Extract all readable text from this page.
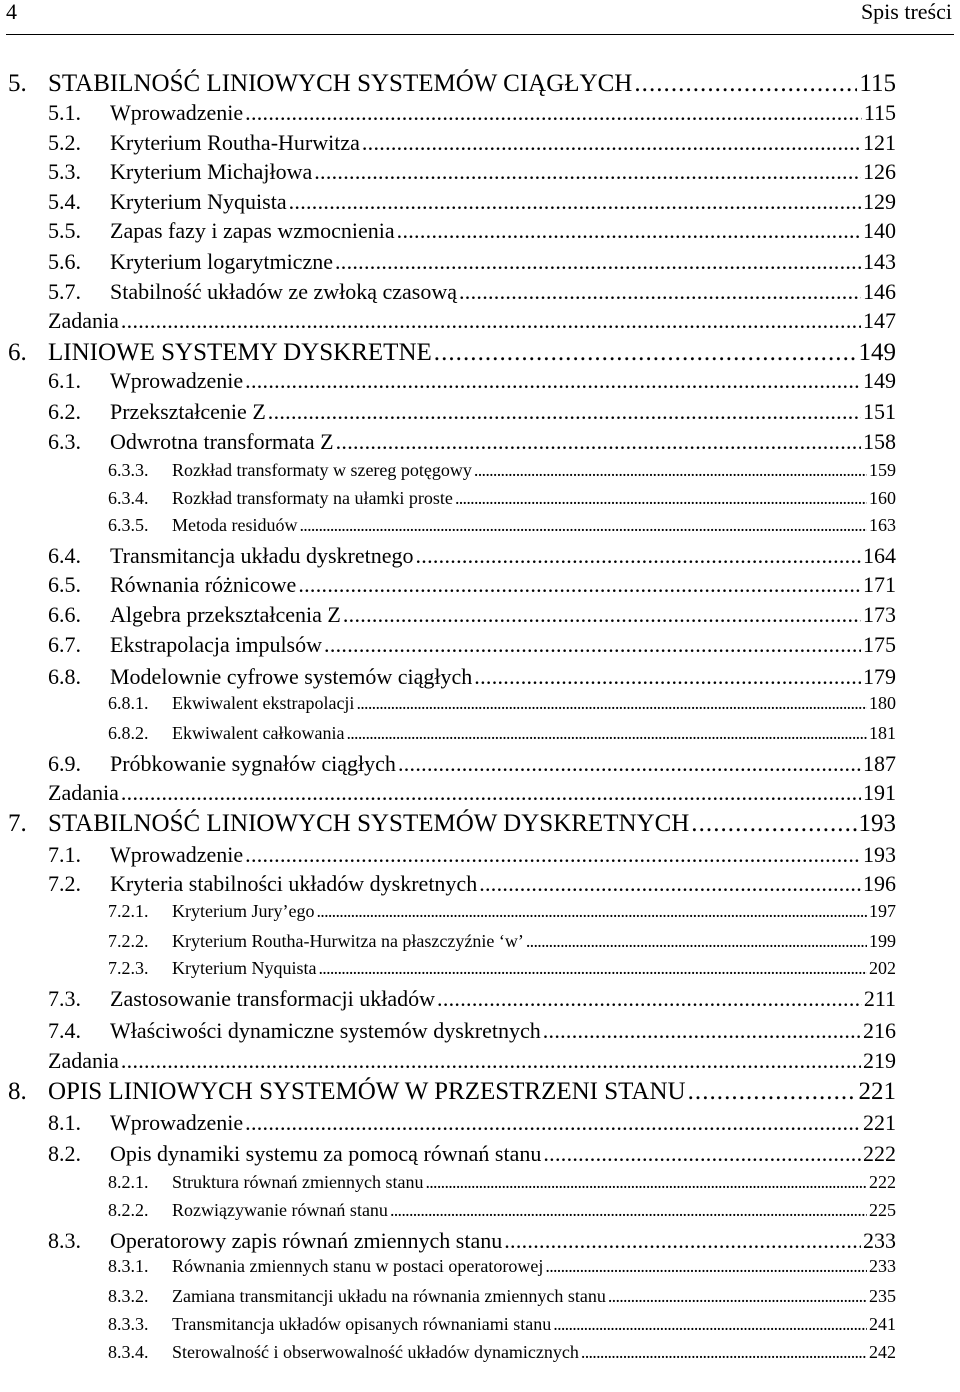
4	Spis treści
5. STABILNOŚĆ LINIOWYCH SYSTEMÓW CIĄGŁYCH . . .	115
5.1.	Wprowadzenie . . .	115
5.2.	Kryterium Routha-Hurwitza . . .	121
5.3.	Kryterium Michajłowa . . .	126
5.4.	Kryterium Nyquista . . .	129
5.5.	Zapas fazy i zapas wzmocnienia . . .	140
5.6.	Kryterium logarytmiczne . . .	143
5.7.	Stabilność układów ze zwłoką czasową . . .	146
Zadania . . .	147
6. LINIOWE SYSTEMY DYSKRETNE . . .	149
6.1.	Wprowadzenie . . .	149
6.2.	Przekształcenie Z . . .	151
6.3.	Odwrotna transformata Z . . .	158
6.3.3.	Rozkład transformaty w szereg potęgowy . . .	159
6.3.4.	Rozkład transformaty na ułamki proste . . .	160
6.3.5.	Metoda residuów . . .	163
6.4.	Transmitancja układu dyskretnego . . .	164
6.5.	Równania różnicowe . . .	171
6.6.	Algebra przekształcenia Z . . .	173
6.7.	Ekstrapolacja impulsów . . .	175
6.8.	Modelownie cyfrowe systemów ciągłych . . .	179
6.8.1.	Ekwiwalent ekstrapolacji . . .	180
6.8.2.	Ekwiwalent całkowania . . .	181
6.9.	Próbkowanie sygnałów ciągłych . . .	187
Zadania . . .	191
7. STABILNOŚĆ LINIOWYCH SYSTEMÓW DYSKRETNYCH . . .	193
7.1.	Wprowadzenie . . .	193
7.2.	Kryteria stabilności układów dyskretnych . . .	196
7.2.1.	Kryterium Jury’ego . . .	197
7.2.2.	Kryterium Routha-Hurwitza na płaszczyźnie ‘w’ . . .	199
7.2.3.	Kryterium Nyquista . . .	202
7.3.	Zastosowanie transformacji układów . . .	211
7.4.	Właściwości dynamiczne systemów dyskretnych . . .	216
Zadania . . .	219
8. OPIS LINIOWYCH SYSTEMÓW W PRZESTRZENI STANU . . .	221
8.1.	Wprowadzenie . . .	221
8.2.	Opis dynamiki systemu za pomocą równań stanu . . .	222
8.2.1.	Struktura równań zmiennych stanu . . .	222
8.2.2.	Rozwiązywanie równań stanu . . .	225
8.3.	Operatorowy zapis równań zmiennych stanu . . .	233
8.3.1.	Równania zmiennych stanu w postaci operatorowej . . .	233
8.3.2.	Zamiana transmitancji układu na równania zmiennych stanu . . .	235
8.3.3.	Transmitancja układów opisanych równaniami stanu . . .	241
8.3.4.	Sterowalność i obserwowalność układów dynamicznych . . .	242
